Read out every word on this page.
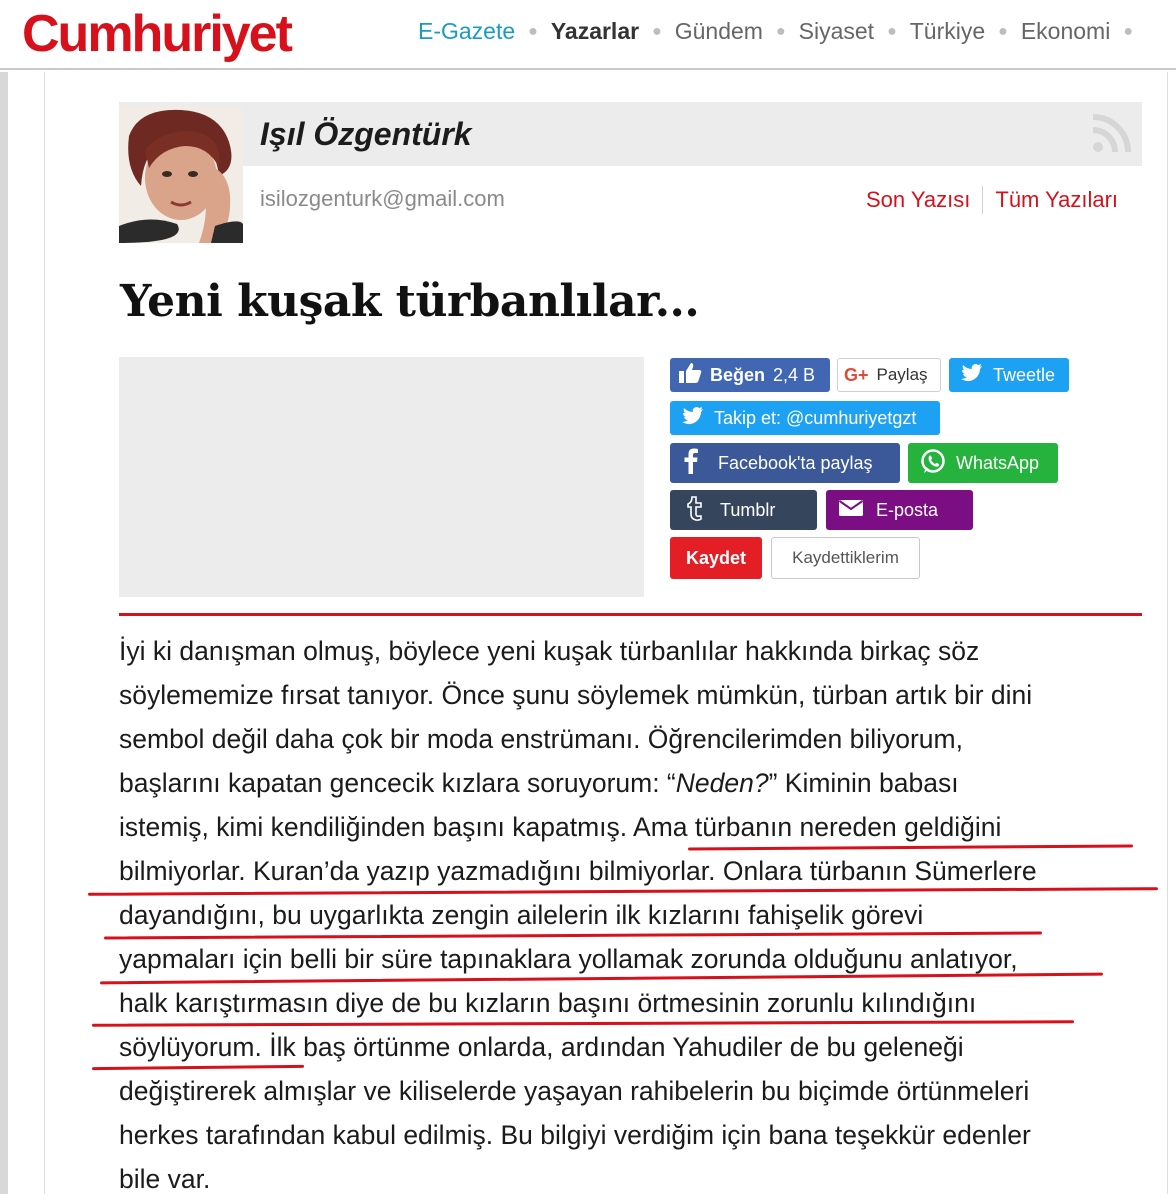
Cumhuriyet	E-Gazete ● Yazarlar ● Gündem ● Siyaset ● Türkiye ● Ekonomi ●
Işıl Özgentürk
isilozgenturk@gmail.com	Son Yazısı Tüm Yazıları
Yeni kuşak türbanlılar...
Beğen 2,4 B G+ Paylaş	Tweetle
Takip et: @cumhuriyetgzt
Facebook'ta paylaş	WhatsApp
Tumblr	E-posta
Kaydet	Kaydettiklerim
İyi ki danışman olmuş, böylece yeni kuşak türbanlılar hakkında birkaç söz
söylememize fırsat tanıyor. Önce şunu söylemek mümkün, türban artık bir dini
sembol değil daha çok bir moda enstrümanı. Öğrencilerimden biliyorum,
başlarını kapatan gencecik kızlara soruyorum: “Neden?” Kiminin babası
istemiş, kimi kendiliğinden başını kapatmış. Ama türbanın nereden geldiğini
bilmiyorlar. Kuran’da yazıp yazmadığını bilmiyorlar. Onlara türbanın Sümerlere
dayandığını, bu uygarlıkta zengin ailelerin ilk kızlarını fahişelik görevi
yapmaları için belli bir süre tapınaklara yollamak zorunda olduğunu anlatıyor,
halk karıştırmasın diye de bu kızların başını örtmesinin zorunlu kılındığını
söylüyorum. İlk baş örtünme onlarda, ardından Yahudiler de bu geleneği
değiştirerek almışlar ve kiliselerde yaşayan rahibelerin bu biçimde örtünmeleri
herkes tarafından kabul edilmiş. Bu bilgiyi verdiğim için bana teşekkür edenler
bile var.
